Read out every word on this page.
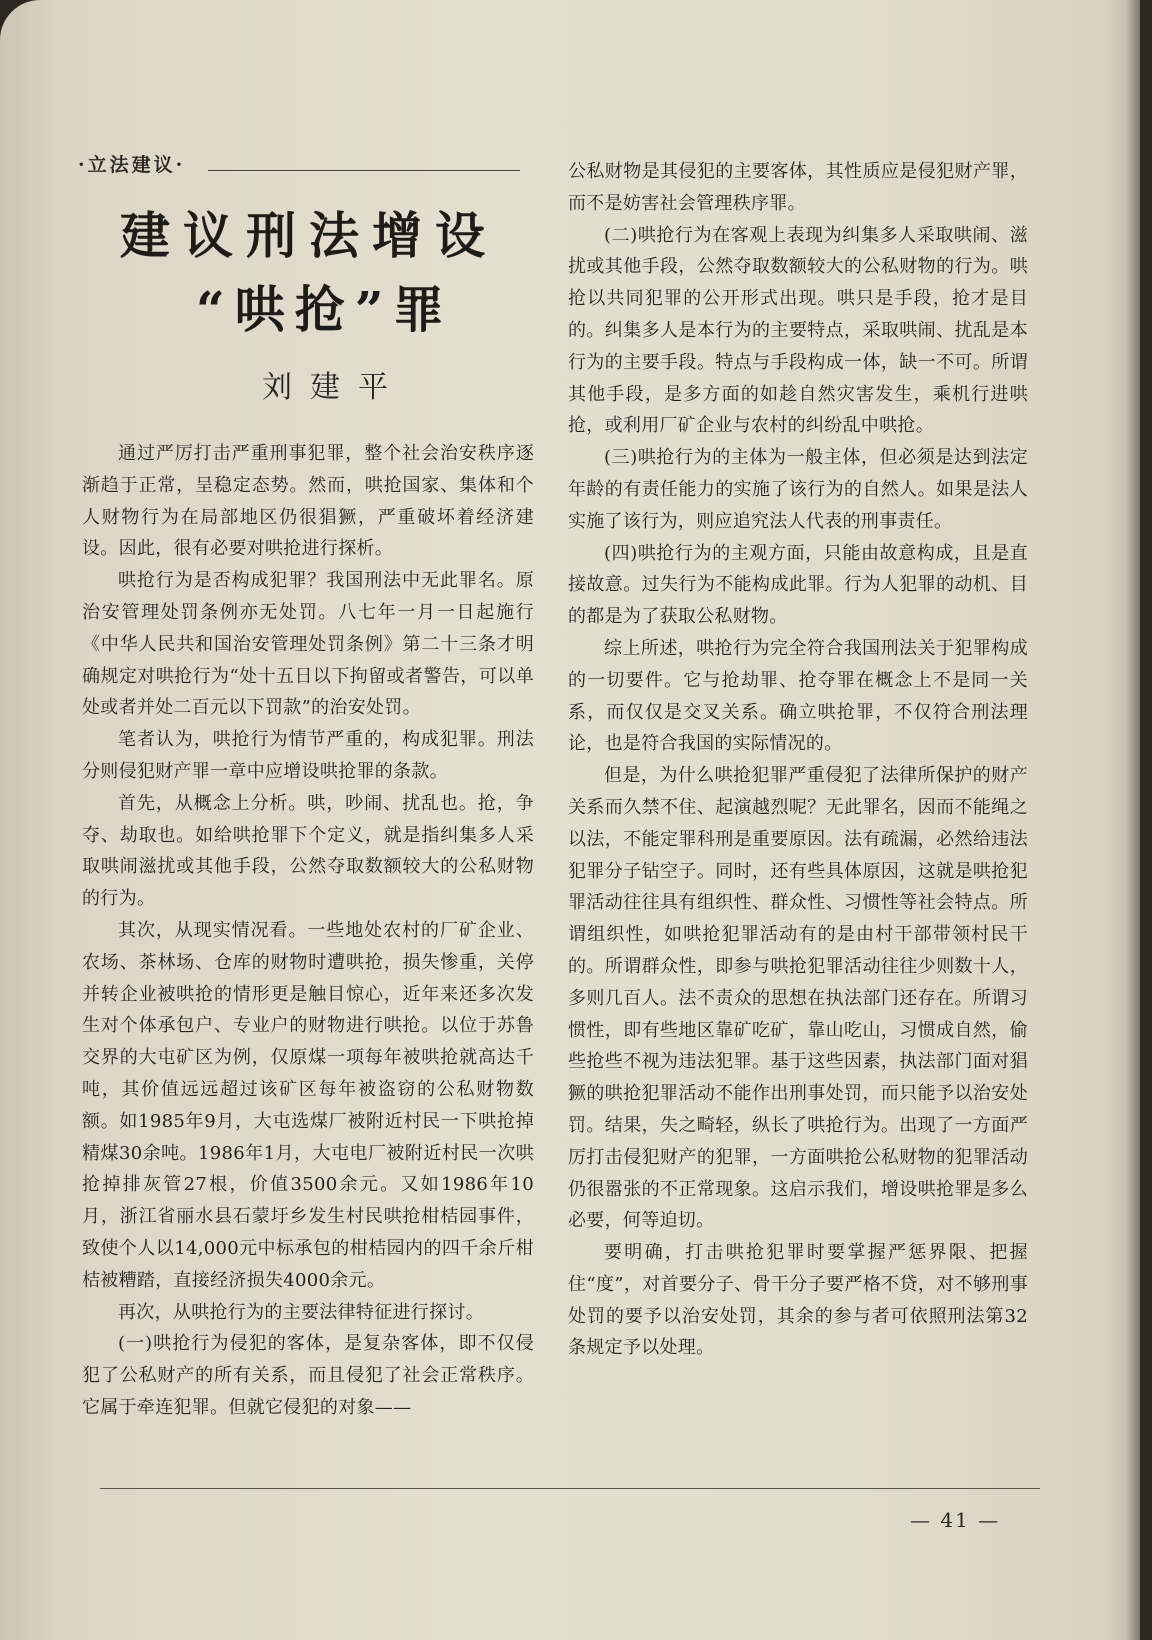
·立法建议·
建议刑法增设
“哄抢”罪
刘建平

通过严厉打击严重刑事犯罪，整个社会治安秩序逐渐趋于正常，呈稳定态势。然而，哄抢国家、集体和个人财物行为在局部地区仍很猖獗，严重破坏着经济建设。因此，很有必要对哄抢进行探析。

哄抢行为是否构成犯罪？我国刑法中无此罪名。原治安管理处罚条例亦无处罚。八七年一月一日起施行《中华人民共和国治安管理处罚条例》第二十三条才明确规定对哄抢行为“处十五日以下拘留或者警告，可以单处或者并处二百元以下罚款”的治安处罚。

笔者认为，哄抢行为情节严重的，构成犯罪。刑法分则侵犯财产罪一章中应增设哄抢罪的条款。

首先，从概念上分析。哄，吵闹、扰乱也。抢，争夺、劫取也。如给哄抢罪下个定义，就是指纠集多人采取哄闹滋扰或其他手段，公然夺取数额较大的公私财物的行为。

其次，从现实情况看。一些地处农村的厂矿企业、农场、茶林场、仓库的财物时遭哄抢，损失惨重，关停并转企业被哄抢的情形更是触目惊心，近年来还多次发生对个体承包户、专业户的财物进行哄抢。以位于苏鲁交界的大屯矿区为例，仅原煤一项每年被哄抢就高达千吨，其价值远远超过该矿区每年被盗窃的公私财物数额。如1985年9月，大屯选煤厂被附近村民一下哄抢掉精煤30余吨。1986年1月，大屯电厂被附近村民一次哄抢掉排灰管27根，价值3500余元。又如1986年10月，浙江省丽水县石蒙圩乡发生村民哄抢柑桔园事件，致使个人以14,000元中标承包的柑桔园内的四千余斤柑桔被糟踏，直接经济损失4000余元。

再次，从哄抢行为的主要法律特征进行探讨。

(一)哄抢行为侵犯的客体，是复杂客体，即不仅侵犯了公私财产的所有关系，而且侵犯了社会正常秩序。它属于牵连犯罪。但就它侵犯的对象——

公私财物是其侵犯的主要客体，其性质应是侵犯财产罪，而不是妨害社会管理秩序罪。

(二)哄抢行为在客观上表现为纠集多人采取哄闹、滋扰或其他手段，公然夺取数额较大的公私财物的行为。哄抢以共同犯罪的公开形式出现。哄只是手段，抢才是目的。纠集多人是本行为的主要特点，采取哄闹、扰乱是本行为的主要手段。特点与手段构成一体，缺一不可。所谓其他手段，是多方面的如趁自然灾害发生，乘机行进哄抢，或利用厂矿企业与农村的纠纷乱中哄抢。

(三)哄抢行为的主体为一般主体，但必须是达到法定年龄的有责任能力的实施了该行为的自然人。如果是法人实施了该行为，则应追究法人代表的刑事责任。

(四)哄抢行为的主观方面，只能由故意构成，且是直接故意。过失行为不能构成此罪。行为人犯罪的动机、目的都是为了获取公私财物。

综上所述，哄抢行为完全符合我国刑法关于犯罪构成的一切要件。它与抢劫罪、抢夺罪在概念上不是同一关系，而仅仅是交叉关系。确立哄抢罪，不仅符合刑法理论，也是符合我国的实际情况的。

但是，为什么哄抢犯罪严重侵犯了法律所保护的财产关系而久禁不住、起演越烈呢？无此罪名，因而不能绳之以法，不能定罪科刑是重要原因。法有疏漏，必然给违法犯罪分子钻空子。同时，还有些具体原因，这就是哄抢犯罪活动往往具有组织性、群众性、习惯性等社会特点。所谓组织性，如哄抢犯罪活动有的是由村干部带领村民干的。所谓群众性，即参与哄抢犯罪活动往往少则数十人，多则几百人。法不责众的思想在执法部门还存在。所谓习惯性，即有些地区靠矿吃矿，靠山吃山，习惯成自然，偷些抢些不视为违法犯罪。基于这些因素，执法部门面对猖獗的哄抢犯罪活动不能作出刑事处罚，而只能予以治安处罚。结果，失之畸轻，纵长了哄抢行为。出现了一方面严厉打击侵犯财产的犯罪，一方面哄抢公私财物的犯罪活动仍很嚣张的不正常现象。这启示我们，增设哄抢罪是多么必要，何等迫切。

要明确，打击哄抢犯罪时要掌握严惩界限、把握住“度”，对首要分子、骨干分子要严格不贷，对不够刑事处罚的要予以治安处罚，其余的参与者可依照刑法第32条规定予以处理。

— 41 —
